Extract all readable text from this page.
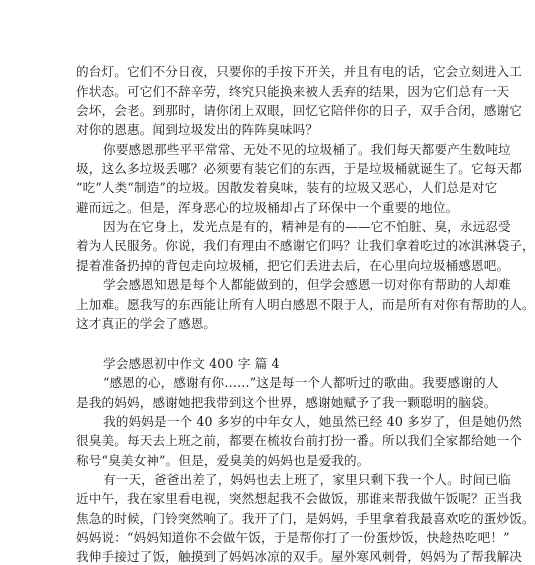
的台灯。它们不分日夜，只要你的手按下开关，并且有电的话，它会立刻进入工
作状态。可它们不辞辛劳，终究只能换来被人丢弃的结果，因为它们总有一天
会坏，会老。到那时，请你闭上双眼，回忆它陪伴你的日子，双手合闭，感谢它
对你的恩惠。闻到垃圾发出的阵阵臭味吗？
你要感恩那些平平常常、无处不见的垃圾桶了。我们每天都要产生数吨垃
圾，这么多垃圾丢哪？必须要有装它们的东西，于是垃圾桶就诞生了。它每天都
“吃”人类“制造”的垃圾。因散发着臭味，装有的垃圾又恶心，人们总是对它
避而远之。但是，浑身恶心的垃圾桶却占了环保中一个重要的地位。
因为在它身上，发光点是有的，精神是有的——它不怕脏、臭，永远忍受
着为人民服务。你说，我们有理由不感谢它们吗？让我们拿着吃过的冰淇淋袋子，
提着准备扔掉的背包走向垃圾桶，把它们丢进去后，在心里向垃圾桶感恩吧。
学会感恩知恩是每个人都能做到的，但学会感恩一切对你有帮助的人却难
上加难。愿我写的东西能让所有人明白感恩不限于人，而是所有对你有帮助的人。
这才真正的学会了感恩。
学会感恩初中作文 400 字 篇 4
“感恩的心，感谢有你……”这是每一个人都听过的歌曲。我要感谢的人
是我的妈妈，感谢她把我带到这个世界，感谢她赋予了我一颗聪明的脑袋。
我的妈妈是一个 40 多岁的中年女人，她虽然已经 40 多岁了，但是她仍然
很臭美。每天去上班之前，都要在梳妆台前打扮一番。所以我们全家都给她一个
称号“臭美女神”。但是，爱臭美的妈妈也是爱我的。
有一天，爸爸出差了，妈妈也去上班了，家里只剩下我一个人。时间已临
近中午，我在家里看电视，突然想起我不会做饭，那谁来帮我做午饭呢？正当我
焦急的时候，门铃突然响了。我开了门，是妈妈，手里拿着我最喜欢吃的蛋炒饭。
妈妈说：“妈妈知道你不会做午饭，于是帮你打了一份蛋炒饭，快趁热吃吧！”
我伸手接过了饭，触摸到了妈妈冰凉的双手。屋外寒风刺骨，妈妈为了帮我解决
